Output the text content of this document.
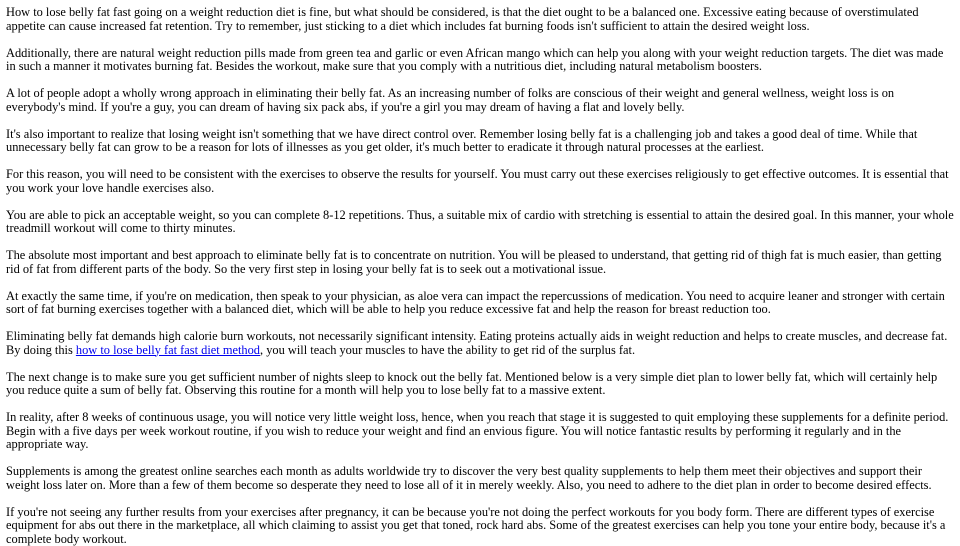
How to lose belly fat fast going on a weight reduction diet is fine, but what should be considered, is that the diet ought to be a balanced one. Excessive eating because of overstimulated appetite can cause increased fat retention. Try to remember, just sticking to a diet which includes fat burning foods isn't sufficient to attain the desired weight loss.

Additionally, there are natural weight reduction pills made from green tea and garlic or even African mango which can help you along with your weight reduction targets. The diet was made in such a manner it motivates burning fat. Besides the workout, make sure that you comply with a nutritious diet, including natural metabolism boosters.

A lot of people adopt a wholly wrong approach in eliminating their belly fat. As an increasing number of folks are conscious of their weight and general wellness, weight loss is on everybody's mind. If you're a guy, you can dream of having six pack abs, if you're a girl you may dream of having a flat and lovely belly.

It's also important to realize that losing weight isn't something that we have direct control over. Remember losing belly fat is a challenging job and takes a good deal of time. While that unnecessary belly fat can grow to be a reason for lots of illnesses as you get older, it's much better to eradicate it through natural processes at the earliest.

For this reason, you will need to be consistent with the exercises to observe the results for yourself. You must carry out these exercises religiously to get effective outcomes. It is essential that you work your love handle exercises also.

You are able to pick an acceptable weight, so you can complete 8-12 repetitions. Thus, a suitable mix of cardio with stretching is essential to attain the desired goal. In this manner, your whole treadmill workout will come to thirty minutes.

The absolute most important and best approach to eliminate belly fat is to concentrate on nutrition. You will be pleased to understand, that getting rid of thigh fat is much easier, than getting rid of fat from different parts of the body. So the very first step in losing your belly fat is to seek out a motivational issue.

At exactly the same time, if you're on medication, then speak to your physician, as aloe vera can impact the repercussions of medication. You need to acquire leaner and stronger with certain sort of fat burning exercises together with a balanced diet, which will be able to help you reduce excessive fat and help the reason for breast reduction too.

Eliminating belly fat demands high calorie burn workouts, not necessarily significant intensity. Eating proteins actually aids in weight reduction and helps to create muscles, and decrease fat. By doing this how to lose belly fat fast diet method, you will teach your muscles to have the ability to get rid of the surplus fat.

The next change is to make sure you get sufficient number of nights sleep to knock out the belly fat. Mentioned below is a very simple diet plan to lower belly fat, which will certainly help you reduce quite a sum of belly fat. Observing this routine for a month will help you to lose belly fat to a massive extent.

In reality, after 8 weeks of continuous usage, you will notice very little weight loss, hence, when you reach that stage it is suggested to quit employing these supplements for a definite period. Begin with a five days per week workout routine, if you wish to reduce your weight and find an envious figure. You will notice fantastic results by performing it regularly and in the appropriate way.

Supplements is among the greatest online searches each month as adults worldwide try to discover the very best quality supplements to help them meet their objectives and support their weight loss later on. More than a few of them become so desperate they need to lose all of it in merely weekly. Also, you need to adhere to the diet plan in order to become desired effects.

If you're not seeing any further results from your exercises after pregnancy, it can be because you're not doing the perfect workouts for you body form. There are different types of exercise equipment for abs out there in the marketplace, all which claiming to assist you get that toned, rock hard abs. Some of the greatest exercises can help you tone your entire body, because it's a complete body workout.
